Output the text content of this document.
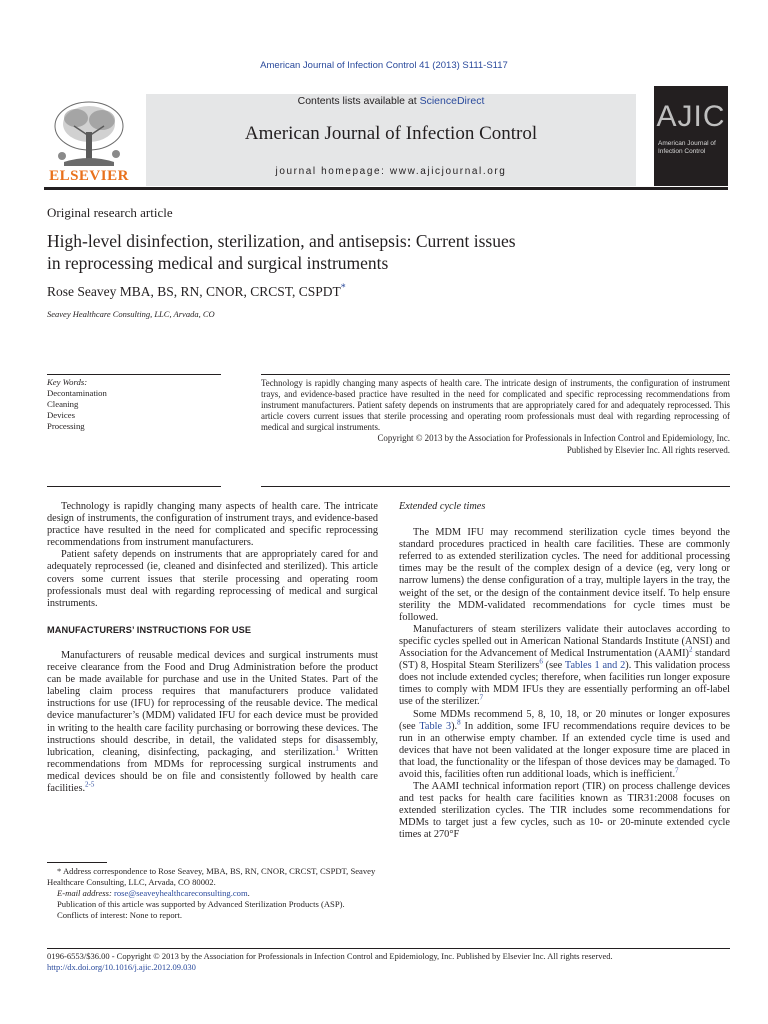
American Journal of Infection Control 41 (2013) S111-S117
ELSEVIER
Contents lists available at ScienceDirect
American Journal of Infection Control
journal homepage: www.ajicjournal.org
AJIC
American Journal of Infection Control
Original research article
High-level disinfection, sterilization, and antisepsis: Current issues
in reprocessing medical and surgical instruments
Rose Seavey MBA, BS, RN, CNOR, CRCST, CSPDT*
Seavey Healthcare Consulting, LLC, Arvada, CO
Key Words:
Decontamination
Cleaning
Devices
Processing
Technology is rapidly changing many aspects of health care. The intricate design of instruments, the configuration of instrument trays, and evidence-based practice have resulted in the need for complicated and specific reprocessing recommendations from instrument manufacturers. Patient safety depends on instruments that are appropriately cared for and adequately reprocessed. This article covers current issues that sterile processing and operating room professionals must deal with regarding reprocessing of medical and surgical instruments.
Copyright © 2013 by the Association for Professionals in Infection Control and Epidemiology, Inc.
Published by Elsevier Inc. All rights reserved.

Technology is rapidly changing many aspects of health care. The intricate design of instruments, the configuration of instrument trays, and evidence-based practice have resulted in the need for complicated and specific reprocessing recommendations from instrument manufacturers.

Patient safety depends on instruments that are appropriately cared for and adequately reprocessed (ie, cleaned and disinfected and sterilized). This article covers some current issues that sterile processing and operating room professionals must deal with regarding reprocessing of medical and surgical instruments.

MANUFACTURERS’ INSTRUCTIONS FOR USE

Manufacturers of reusable medical devices and surgical instruments must receive clearance from the Food and Drug Administration before the product can be made available for purchase and use in the United States. Part of the labeling claim process requires that manufacturers produce validated instructions for use (IFU) for reprocessing of the reusable device. The medical device manufacturer’s (MDM) validated IFU for each device must be provided in writing to the health care facility purchasing or borrowing these devices. The instructions should describe, in detail, the validated steps for disassembly, lubrication, cleaning, disinfecting, packaging, and sterilization.$^1$ Written recommendations from MDMs for reprocessing surgical instruments and medical devices should be on file and consistently followed by health care facilities.$^{2-5}$

Extended cycle times

The MDM IFU may recommend sterilization cycle times beyond the standard procedures practiced in health care facilities. These are commonly referred to as extended sterilization cycles. The need for additional processing times may be the result of the complex design of a device (eg, very long or narrow lumens) the dense configuration of a tray, multiple layers in the tray, the weight of the set, or the design of the containment device itself. To help ensure sterility the MDM-validated recommendations for cycle times must be followed.

Manufacturers of steam sterilizers validate their autoclaves according to specific cycles spelled out in American National Standards Institute (ANSI) and Association for the Advancement of Medical Instrumentation (AAMI)$^2$ standard (ST) 8, Hospital Steam Sterilizers$^6$ (see Tables 1 and 2). This validation process does not include extended cycles; therefore, when facilities run longer exposure times to comply with MDM IFUs they are essentially performing an off-label use of the sterilizer.$^7$

Some MDMs recommend 5, 8, 10, 18, or 20 minutes or longer exposures (see Table 3).$^8$ In addition, some IFU recommendations require devices to be run in an otherwise empty chamber. If an extended cycle time is used and devices that have not been validated at the longer exposure time are placed in that load, the functionality or the lifespan of those devices may be damaged. To avoid this, facilities often run additional loads, which is inefficient.$^7$

The AAMI technical information report (TIR) on process challenge devices and test packs for health care facilities known as TIR31:2008 focuses on extended sterilization cycles. The TIR includes some recommendations for MDMs to target just a few cycles, such as 10- or 20-minute extended cycle times at 270°F

* Address correspondence to Rose Seavey, MBA, BS, RN, CNOR, CRCST, CSPDT, Seavey Healthcare Consulting, LLC, Arvada, CO 80002.

E-mail address: rose@seaveyhealthcareconsulting.com.

Publication of this article was supported by Advanced Sterilization Products (ASP).

Conflicts of interest: None to report.

0196-6553/$36.00 - Copyright © 2013 by the Association for Professionals in Infection Control and Epidemiology, Inc. Published by Elsevier Inc. All rights reserved.
http://dx.doi.org/10.1016/j.ajic.2012.09.030
